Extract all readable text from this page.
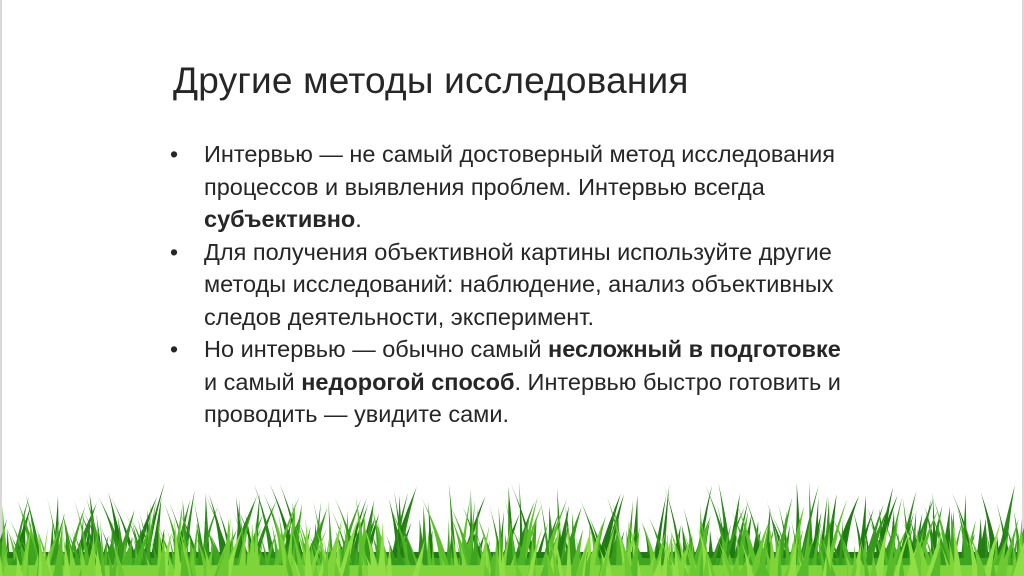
Другие методы исследования
• Интервью — не самый достоверный метод исследования процессов и выявления проблем. Интервью всегда субъективно.
• Для получения объективной картины используйте другие методы исследований: наблюдение, анализ объективных следов деятельности, эксперимент.
• Но интервью — обычно самый несложный в подготовке и самый недорогой способ. Интервью быстро готовить и проводить — увидите сами.
